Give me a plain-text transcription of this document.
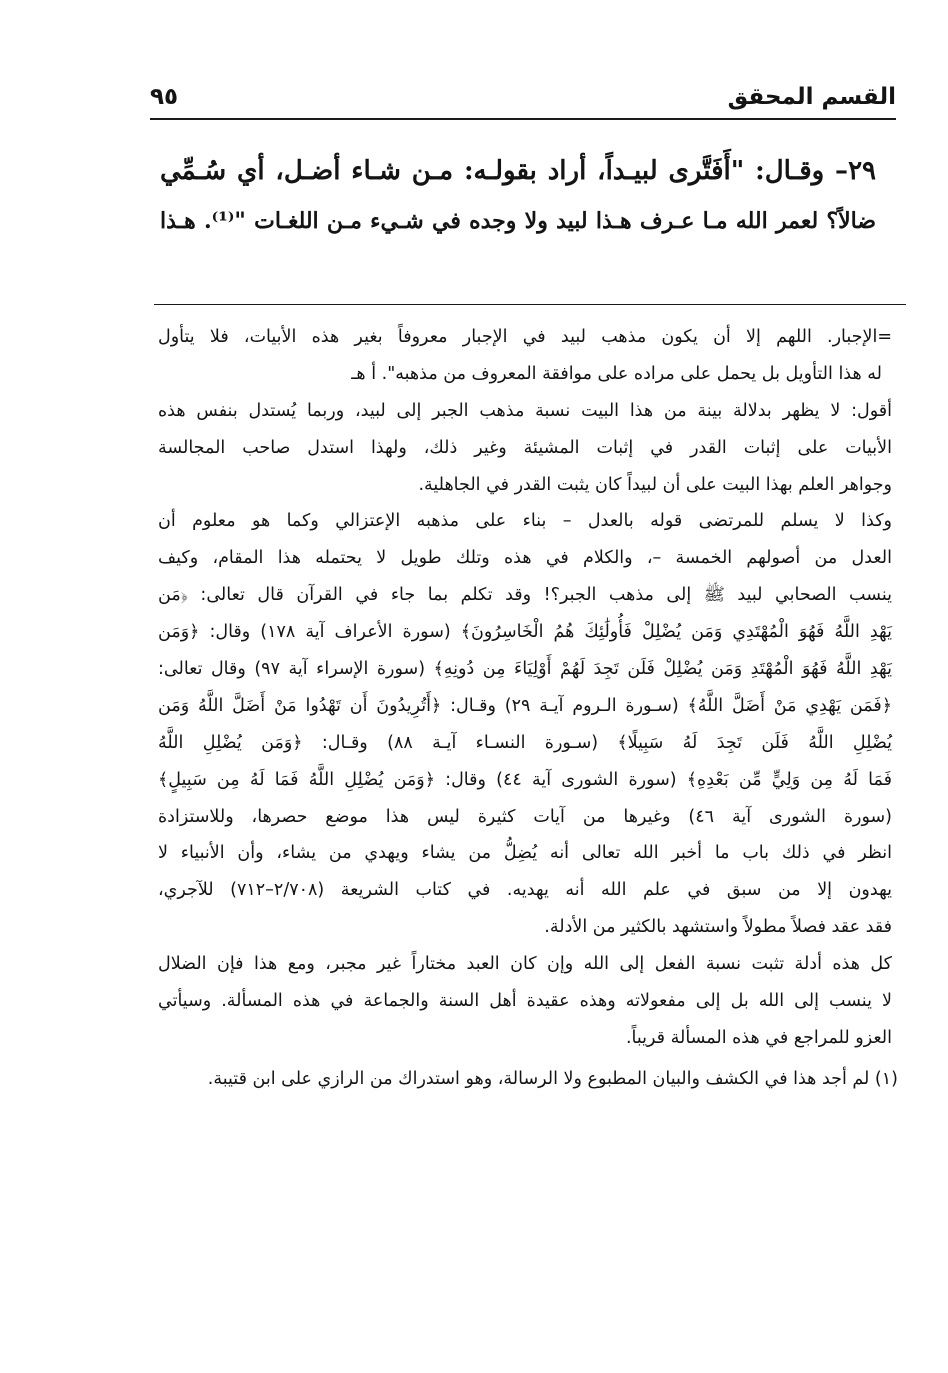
القسم المحقق
٩٥
٢٩– وقـال: "أَفَتَّرى لبيـداً، أراد بقولـه: مـن شـاء أضـل، أي سُـمِّي
ضالاً؟ لعمر الله مـا عـرف هـذا لبيد ولا وجده في شـيء مـن اللغـات "⁽¹⁾. هـذا
=الإجبار. اللهم إلا أن يكون مذهب لبيد في الإجبار معروفاً بغير هذه الأبيات، فلا يتأول
له هذا التأويل بل يحمل على مراده على موافقة المعروف من مذهبه". أ هـ
أقول: لا يظهر بدلالة بينة من هذا البيت نسبة مذهب الجبر إلى لبيد، وربما يُستدل بنفس هذه
الأبيات على إثبات القدر في إثبات المشيئة وغير ذلك، ولهذا استدل صاحب المجالسة
وجواهر العلم بهذا البيت على أن لبيداً كان يثبت القدر في الجاهلية.
وكذا لا يسلم للمرتضى قوله بالعدل – بناء على مذهبه الإعتزالي وكما هو معلوم أن
العدل من أصولهم الخمسة –، والكلام في هذه وتلك طويل لا يحتمله هذا المقام، وكيف
ينسب الصحابي لبيد ﷺ إلى مذهب الجبر؟! وقد تكلم بما جاء في القرآن قال تعالى: ﴿مَن
يَهْدِ اللَّهُ فَهُوَ الْمُهْتَدِي وَمَن يُضْلِلْ فَأُولَٰئِكَ هُمُ الْخَاسِرُونَ﴾ (سورة الأعراف آية ١٧٨) وقال: ﴿وَمَن
يَهْدِ اللَّهُ فَهُوَ الْمُهْتَدِ وَمَن يُضْلِلْ فَلَن تَجِدَ لَهُمْ أَوْلِيَاءَ مِن دُونِهِ﴾ (سورة الإسراء آية ٩٧) وقال تعالى:
﴿فَمَن يَهْدِي مَنْ أَضَلَّ اللَّهُ﴾ (سـورة الـروم آيـة ٢٩) وقـال: ﴿أَتُرِيدُونَ أَن تَهْدُوا مَنْ أَضَلَّ اللَّهُ وَمَن
يُضْلِلِ اللَّهُ فَلَن تَجِدَ لَهُ سَبِيلًا﴾ (سـورة النسـاء آيـة ٨٨) وقـال: ﴿وَمَن يُضْلِلِ اللَّهُ
فَمَا لَهُ مِن وَلِيٍّ مِّن بَعْدِهِ﴾ (سورة الشورى آية ٤٤) وقال: ﴿وَمَن يُضْلِلِ اللَّهُ فَمَا لَهُ مِن سَبِيلٍ﴾
(سورة الشورى آية ٤٦) وغيرها من آيات كثيرة ليس هذا موضع حصرها، وللاستزادة
انظر في ذلك باب ما أخبر الله تعالى أنه يُضِلُّ من يشاء ويهدي من يشاء، وأن الأنبياء لا
يهدون إلا من سبق في علم الله أنه يهديه. في كتاب الشريعة (٢/٧٠٨–٧١٢) للآجري،
فقد عقد فصلاً مطولاً واستشهد بالكثير من الأدلة.
كل هذه أدلة تثبت نسبة الفعل إلى الله وإن كان العبد مختاراً غير مجبر، ومع هذا فإن الضلال
لا ينسب إلى الله بل إلى مفعولاته وهذه عقيدة أهل السنة والجماعة في هذه المسألة. وسيأتي
العزو للمراجع في هذه المسألة قريباً.
(١) لم أجد هذا في الكشف والبيان المطبوع ولا الرسالة، وهو استدراك من الرازي على ابن قتيبة.
